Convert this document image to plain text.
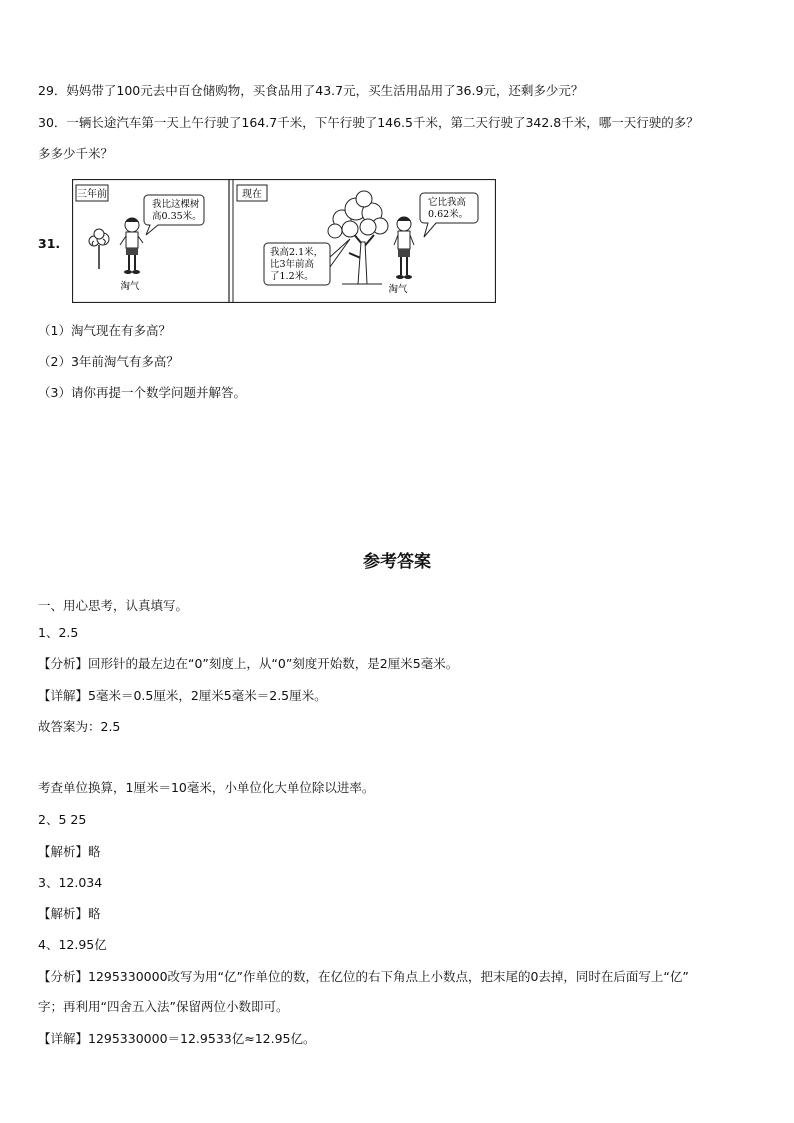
29．妈妈带了100元去中百仓储购物，买食品用了43.7元，买生活用品用了36.9元，还剩多少元？
30．一辆长途汽车第一天上午行驶了164.7千米，下午行驶了146.5千米，第二天行驶了342.8千米，哪一天行驶的多？
多多少千米？
31.
三年前
我比这棵树
高0.35米。
淘气
现在
它比我高
0.62米。
我高2.1米，
比3年前高
了1.2米。
淘气
（1）淘气现在有多高？
（2）3年前淘气有多高？
（3）请你再提一个数学问题并解答。
参考答案
一、用心思考，认真填写。
1、2.5
【分析】回形针的最左边在“0”刻度上，从“0”刻度开始数，是2厘米5毫米。
【详解】5毫米＝0.5厘米，2厘米5毫米＝2.5厘米。
故答案为：2.5
考查单位换算，1厘米＝10毫米，小单位化大单位除以进率。
2、5 25
【解析】略
3、12.034
【解析】略
4、12.95亿
【分析】1295330000改写为用“亿”作单位的数，在亿位的右下角点上小数点，把末尾的0去掉，同时在后面写上“亿”
字；再利用“四舍五入法”保留两位小数即可。
【详解】1295330000＝12.9533亿≈12.95亿。
